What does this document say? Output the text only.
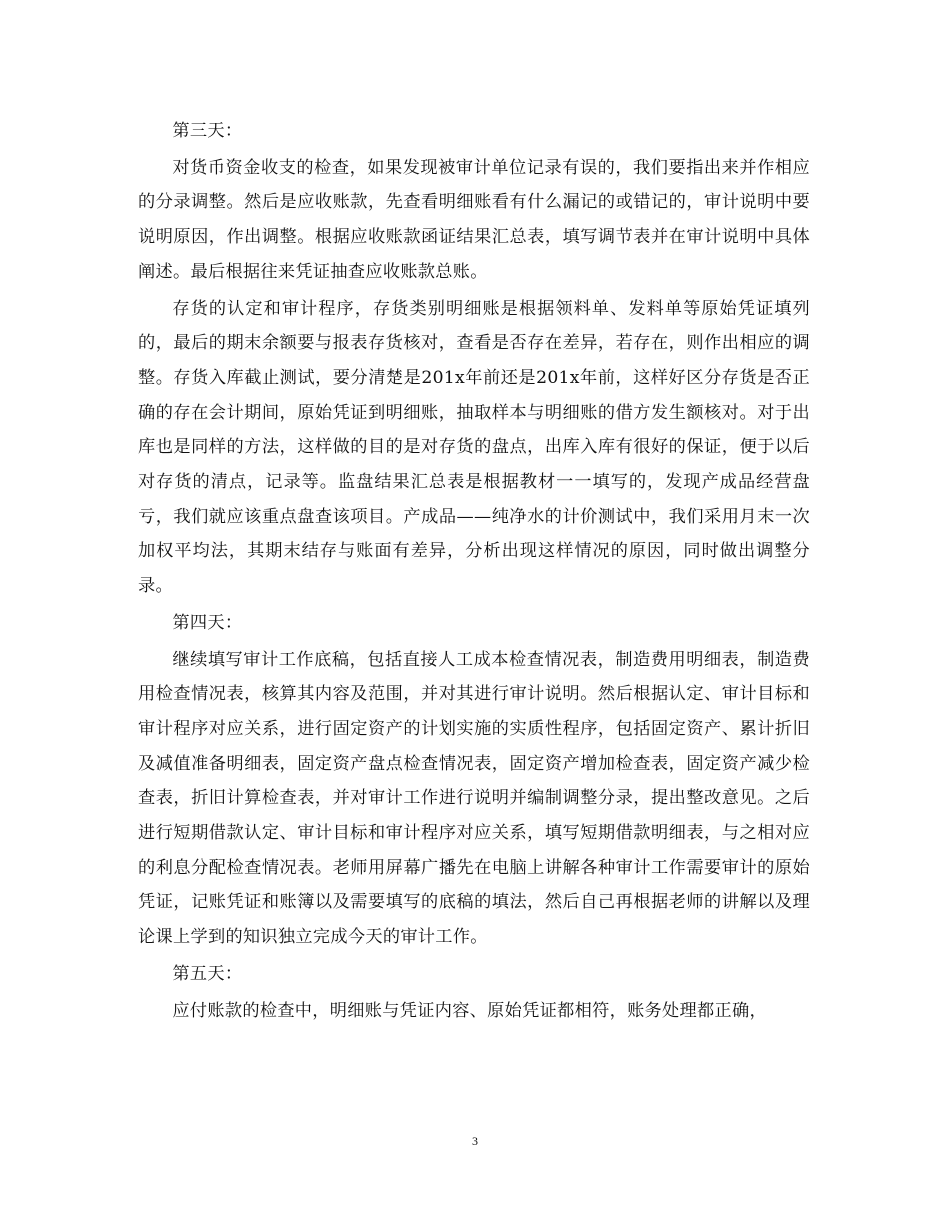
第三天：

对货币资金收支的检查，如果发现被审计单位记录有误的，我们要指出来并作相应的分录调整。然后是应收账款，先查看明细账看有什么漏记的或错记的，审计说明中要说明原因，作出调整。根据应收账款函证结果汇总表，填写调节表并在审计说明中具体阐述。最后根据往来凭证抽查应收账款总账。

存货的认定和审计程序，存货类别明细账是根据领料单、发料单等原始凭证填列的，最后的期末余额要与报表存货核对，查看是否存在差异，若存在，则作出相应的调整。存货入库截止测试，要分清楚是201x年前还是201x年前，这样好区分存货是否正确的存在会计期间，原始凭证到明细账，抽取样本与明细账的借方发生额核对。对于出库也是同样的方法，这样做的目的是对存货的盘点，出库入库有很好的保证，便于以后对存货的清点，记录等。监盘结果汇总表是根据教材一一填写的，发现产成品经营盘亏，我们就应该重点盘查该项目。产成品——纯净水的计价测试中，我们采用月末一次加权平均法，其期末结存与账面有差异，分析出现这样情况的原因，同时做出调整分录。

第四天：

继续填写审计工作底稿，包括直接人工成本检查情况表，制造费用明细表，制造费用检查情况表，核算其内容及范围，并对其进行审计说明。然后根据认定、审计目标和审计程序对应关系，进行固定资产的计划实施的实质性程序，包括固定资产、累计折旧及减值准备明细表，固定资产盘点检查情况表，固定资产增加检查表，固定资产减少检查表，折旧计算检查表，并对审计工作进行说明并编制调整分录，提出整改意见。之后进行短期借款认定、审计目标和审计程序对应关系，填写短期借款明细表，与之相对应的利息分配检查情况表。老师用屏幕广播先在电脑上讲解各种审计工作需要审计的原始凭证，记账凭证和账簿以及需要填写的底稿的填法，然后自己再根据老师的讲解以及理论课上学到的知识独立完成今天的审计工作。

第五天：

应付账款的检查中，明细账与凭证内容、原始凭证都相符，账务处理都正确，

3
